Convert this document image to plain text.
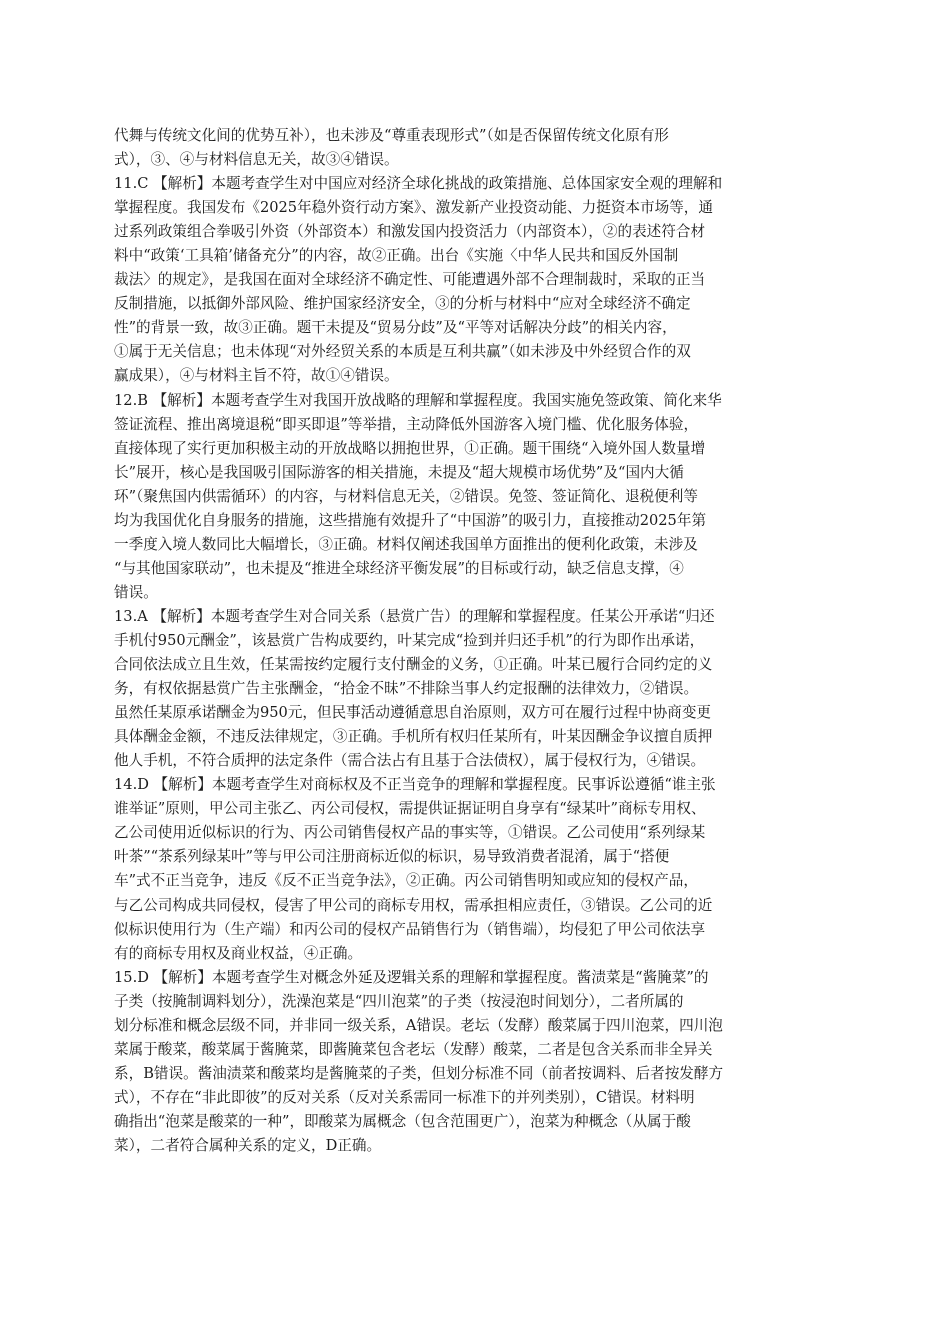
代舞与传统文化间的优势互补），也未涉及“尊重表现形式”（如是否保留传统文化原有形
式），③、④与材料信息无关，故③④错误。
11.C 【解析】本题考查学生对中国应对经济全球化挑战的政策措施、总体国家安全观的理解和
掌握程度。我国发布《2025年稳外资行动方案》、激发新产业投资动能、力挺资本市场等，通
过系列政策组合拳吸引外资（外部资本）和激发国内投资活力（内部资本），②的表述符合材
料中“政策‘工具箱’储备充分”的内容，故②正确。出台《实施〈中华人民共和国反外国制
裁法〉的规定》，是我国在面对全球经济不确定性、可能遭遇外部不合理制裁时，采取的正当
反制措施，以抵御外部风险、维护国家经济安全，③的分析与材料中“应对全球经济不确定
性”的背景一致，故③正确。题干未提及“贸易分歧”及“平等对话解决分歧”的相关内容，
①属于无关信息；也未体现“对外经贸关系的本质是互利共赢”（如未涉及中外经贸合作的双
赢成果），④与材料主旨不符，故①④错误。
12.B 【解析】本题考查学生对我国开放战略的理解和掌握程度。我国实施免签政策、简化来华
签证流程、推出离境退税“即买即退”等举措，主动降低外国游客入境门槛、优化服务体验，
直接体现了实行更加积极主动的开放战略以拥抱世界，①正确。题干围绕“入境外国人数量增
长”展开，核心是我国吸引国际游客的相关措施，未提及“超大规模市场优势”及“国内大循
环”（聚焦国内供需循环）的内容，与材料信息无关，②错误。免签、签证简化、退税便利等
均为我国优化自身服务的措施，这些措施有效提升了“中国游”的吸引力，直接推动2025年第
一季度入境人数同比大幅增长，③正确。材料仅阐述我国单方面推出的便利化政策，未涉及
“与其他国家联动”，也未提及“推进全球经济平衡发展”的目标或行动，缺乏信息支撑，④
错误。
13.A 【解析】本题考查学生对合同关系（悬赏广告）的理解和掌握程度。任某公开承诺“归还
手机付950元酬金”，该悬赏广告构成要约，叶某完成“捡到并归还手机”的行为即作出承诺，
合同依法成立且生效，任某需按约定履行支付酬金的义务，①正确。叶某已履行合同约定的义
务，有权依据悬赏广告主张酬金，“拾金不昧”不排除当事人约定报酬的法律效力，②错误。
虽然任某原承诺酬金为950元，但民事活动遵循意思自治原则，双方可在履行过程中协商变更
具体酬金金额，不违反法律规定，③正确。手机所有权归任某所有，叶某因酬金争议擅自质押
他人手机，不符合质押的法定条件（需合法占有且基于合法债权），属于侵权行为，④错误。
14.D 【解析】本题考查学生对商标权及不正当竞争的理解和掌握程度。民事诉讼遵循“谁主张
谁举证”原则，甲公司主张乙、丙公司侵权，需提供证据证明自身享有“绿某叶”商标专用权、
乙公司使用近似标识的行为、丙公司销售侵权产品的事实等，①错误。乙公司使用“系列绿某
叶茶”“茶系列绿某叶”等与甲公司注册商标近似的标识，易导致消费者混淆，属于“搭便
车”式不正当竞争，违反《反不正当竞争法》，②正确。丙公司销售明知或应知的侵权产品，
与乙公司构成共同侵权，侵害了甲公司的商标专用权，需承担相应责任，③错误。乙公司的近
似标识使用行为（生产端）和丙公司的侵权产品销售行为（销售端），均侵犯了甲公司依法享
有的商标专用权及商业权益，④正确。
15.D 【解析】本题考查学生对概念外延及逻辑关系的理解和掌握程度。酱渍菜是“酱腌菜”的
子类（按腌制调料划分），洗澡泡菜是“四川泡菜”的子类（按浸泡时间划分），二者所属的
划分标准和概念层级不同，并非同一级关系，A错误。老坛（发酵）酸菜属于四川泡菜，四川泡
菜属于酸菜，酸菜属于酱腌菜，即酱腌菜包含老坛（发酵）酸菜，二者是包含关系而非全异关
系，B错误。酱油渍菜和酸菜均是酱腌菜的子类，但划分标准不同（前者按调料、后者按发酵方
式），不存在“非此即彼”的反对关系（反对关系需同一标准下的并列类别），C错误。材料明
确指出“泡菜是酸菜的一种”，即酸菜为属概念（包含范围更广），泡菜为种概念（从属于酸
菜），二者符合属种关系的定义，D正确。
